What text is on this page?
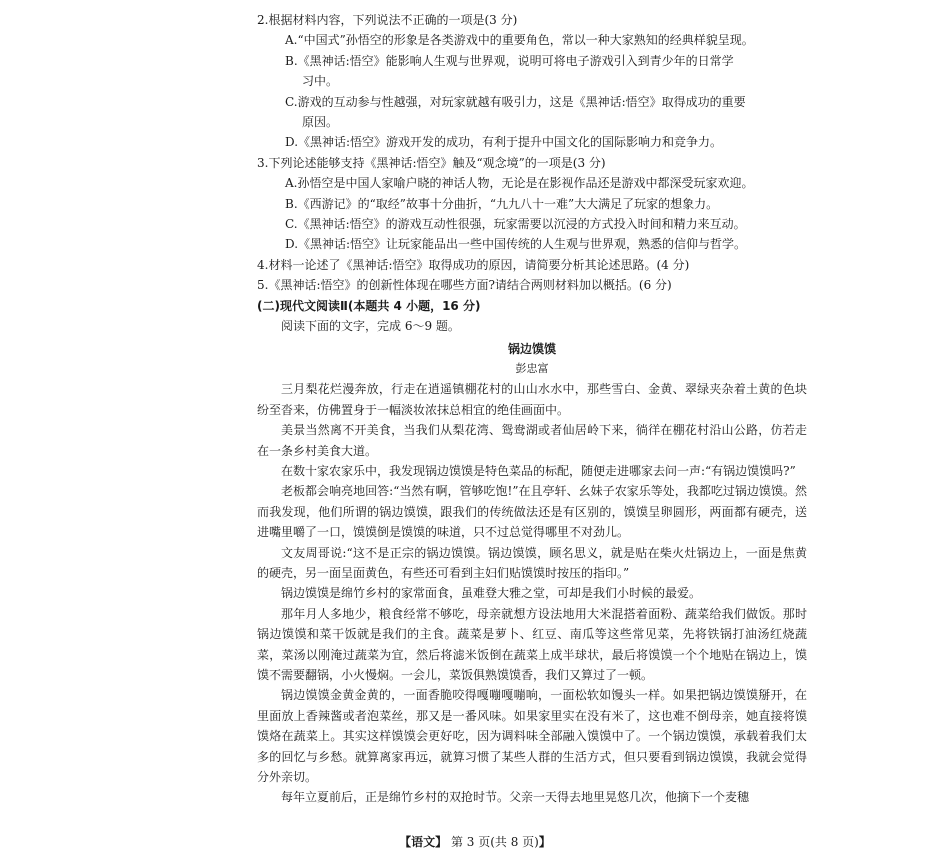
2.根据材料内容，下列说法不正确的一项是(3 分)
A.“中国式”孙悟空的形象是各类游戏中的重要角色，常以一种大家熟知的经典样貌呈现。
B.《黑神话:悟空》能影响人生观与世界观，说明可将电子游戏引入到青少年的日常学
习中。
C.游戏的互动参与性越强，对玩家就越有吸引力，这是《黑神话:悟空》取得成功的重要
原因。
D.《黑神话:悟空》游戏开发的成功，有利于提升中国文化的国际影响力和竞争力。
3.下列论述能够支持《黑神话:悟空》触及“观念境”的一项是(3 分)
A.孙悟空是中国人家喻户晓的神话人物，无论是在影视作品还是游戏中都深受玩家欢迎。
B.《西游记》的“取经”故事十分曲折，“九九八十一难”大大满足了玩家的想象力。
C.《黑神话:悟空》的游戏互动性很强，玩家需要以沉浸的方式投入时间和精力来互动。
D.《黑神话:悟空》让玩家能品出一些中国传统的人生观与世界观，熟悉的信仰与哲学。
4.材料一论述了《黑神话:悟空》取得成功的原因，请简要分析其论述思路。(4 分)
5.《黑神话:悟空》的创新性体现在哪些方面?请结合两则材料加以概括。(6 分)
(二)现代文阅读Ⅱ(本题共 4 小题，16 分)
阅读下面的文字，完成 6～9 题。
锅边馍馍
彭忠富

三月梨花烂漫奔放，行走在逍遥镇棚花村的山山水水中，那些雪白、金黄、翠绿夹杂着土黄的色块纷至沓来，仿佛置身于一幅淡妆浓抹总相宜的绝佳画面中。

美景当然离不开美食，当我们从梨花湾、鸳鸯湖或者仙居岭下来，徜徉在棚花村沿山公路，仿若走在一条乡村美食大道。

在数十家农家乐中，我发现锅边馍馍是特色菜品的标配，随便走进哪家去问一声:“有锅边馍馍吗?”

老板都会响亮地回答:“当然有啊，管够吃饱!”在且亭轩、幺妹子农家乐等处，我都吃过锅边馍馍。然而我发现，他们所谓的锅边馍馍，跟我们的传统做法还是有区别的，馍馍呈卵圆形，两面都有硬壳，送进嘴里嚼了一口，馍馍倒是馍馍的味道，只不过总觉得哪里不对劲儿。

文友周哥说:“这不是正宗的锅边馍馍。锅边馍馍，顾名思义，就是贴在柴火灶锅边上，一面是焦黄的硬壳，另一面呈面黄色，有些还可看到主妇们贴馍馍时按压的指印。”

锅边馍馍是绵竹乡村的家常面食，虽难登大雅之堂，可却是我们小时候的最爱。

那年月人多地少，粮食经常不够吃，母亲就想方设法地用大米混搭着面粉、蔬菜给我们做饭。那时锅边馍馍和菜干饭就是我们的主食。蔬菜是萝卜、红豆、南瓜等这些常见菜，先将铁锅打油汤红烧蔬菜，菜汤以刚淹过蔬菜为宜，然后将滤米饭倒在蔬菜上成半球状，最后将馍馍一个个地贴在锅边上，馍馍不需要翻锅，小火慢焖。一会儿，菜饭俱熟馍馍香，我们又算过了一顿。

锅边馍馍金黄金黄的，一面香脆咬得嘎嘣嘎嘣响，一面松软如馒头一样。如果把锅边馍馍掰开，在里面放上香辣酱或者泡菜丝，那又是一番风味。如果家里实在没有米了，这也难不倒母亲，她直接将馍馍烙在蔬菜上。其实这样馍馍会更好吃，因为调料味全部融入馍馍中了。一个锅边馍馍，承载着我们太多的回忆与乡愁。就算离家再远，就算习惯了某些人群的生活方式，但只要看到锅边馍馍，我就会觉得分外亲切。

每年立夏前后，正是绵竹乡村的双抢时节。父亲一天得去地里晃悠几次，他摘下一个麦穗

【语文】 第 3 页(共 8 页)】
